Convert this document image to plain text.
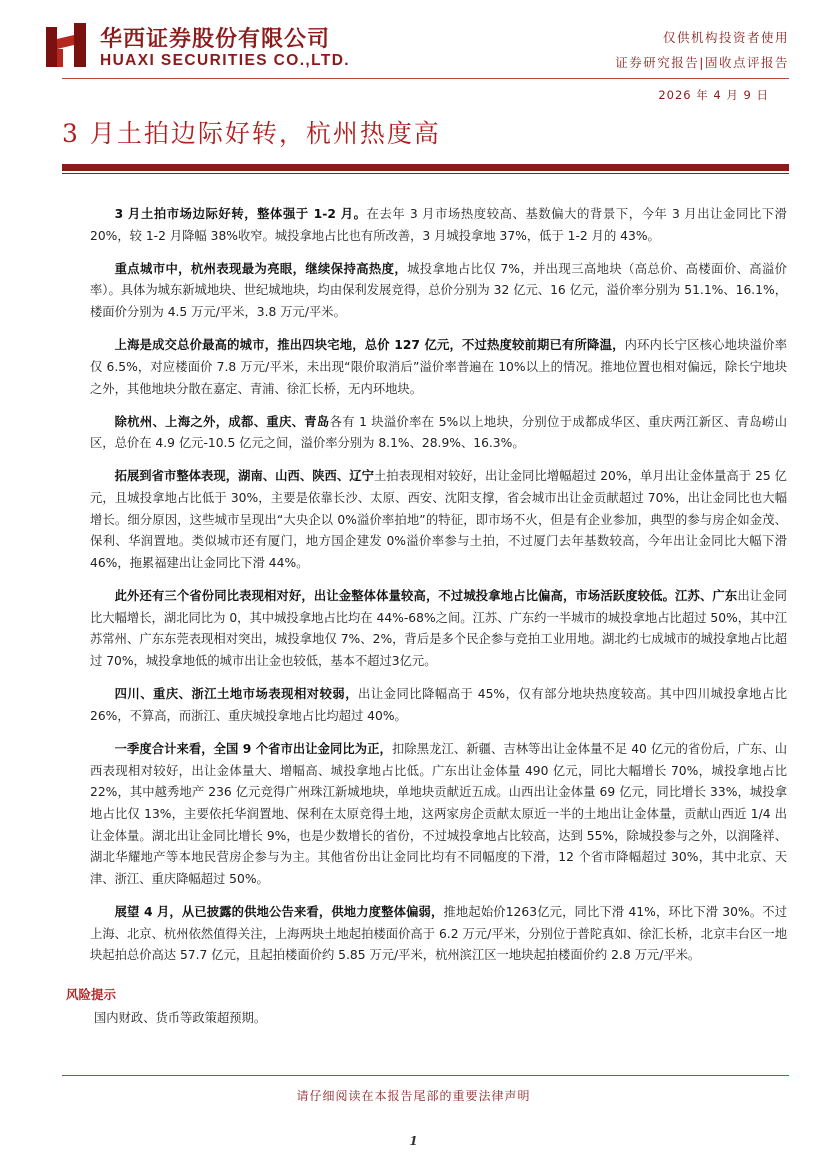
华西证券股份有限公司
HUAXI SECURITIES CO.,LTD.
仅供机构投资者使用
证券研究报告|固收点评报告
2026 年 4 月 9 日
3 月土拍边际好转，杭州热度高

3 月土拍市场边际好转，整体强于 1-2 月。在去年 3 月市场热度较高、基数偏大的背景下，今年 3 月出让金同比下滑 20%，较 1-2 月降幅 38%收窄。城投拿地占比也有所改善，3 月城投拿地 37%，低于 1-2 月的 43%。

重点城市中，杭州表现最为亮眼，继续保持高热度，城投拿地占比仅 7%，并出现三高地块（高总价、高楼面价、高溢价率）。具体为城东新城地块、世纪城地块，均由保利发展竞得，总价分别为 32 亿元、16 亿元，溢价率分别为 51.1%、16.1%，楼面价分别为 4.5 万元/平米，3.8 万元/平米。

上海是成交总价最高的城市，推出四块宅地，总价 127 亿元，不过热度较前期已有所降温，内环内长宁区核心地块溢价率仅 6.5%，对应楼面价 7.8 万元/平米，未出现“限价取消后”溢价率普遍在 10%以上的情况。推地位置也相对偏远，除长宁地块之外，其他地块分散在嘉定、青浦、徐汇长桥，无内环地块。

除杭州、上海之外，成都、重庆、青岛各有 1 块溢价率在 5%以上地块，分别位于成都成华区、重庆两江新区、青岛崂山区，总价在 4.9 亿元-10.5 亿元之间，溢价率分别为 8.1%、28.9%、16.3%。

拓展到省市整体表现，湖南、山西、陕西、辽宁土拍表现相对较好，出让金同比增幅超过 20%，单月出让金体量高于 25 亿元，且城投拿地占比低于 30%，主要是依靠长沙、太原、西安、沈阳支撑，省会城市出让金贡献超过 70%，出让金同比也大幅增长。细分原因，这些城市呈现出“大央企以 0%溢价率拍地”的特征，即市场不火，但是有企业参加，典型的参与房企如金茂、保利、华润置地。类似城市还有厦门，地方国企建发 0%溢价率参与土拍，不过厦门去年基数较高，今年出让金同比大幅下滑 46%，拖累福建出让金同比下滑 44%。

此外还有三个省份同比表现相对好，出让金整体体量较高，不过城投拿地占比偏高，市场活跃度较低。江苏、广东出让金同比大幅增长，湖北同比为 0，其中城投拿地占比均在 44%-68%之间。江苏、广东约一半城市的城投拿地占比超过 50%，其中江苏常州、广东东莞表现相对突出，城投拿地仅 7%、2%，背后是多个民企参与竞拍工业用地。湖北约七成城市的城投拿地占比超过 70%，城投拿地低的城市出让金也较低，基本不超过3亿元。

四川、重庆、浙江土地市场表现相对较弱，出让金同比降幅高于 45%，仅有部分地块热度较高。其中四川城投拿地占比 26%，不算高，而浙江、重庆城投拿地占比均超过 40%。

一季度合计来看，全国 9 个省市出让金同比为正，扣除黑龙江、新疆、吉林等出让金体量不足 40 亿元的省份后，广东、山西表现相对较好，出让金体量大、增幅高、城投拿地占比低。广东出让金体量 490 亿元，同比大幅增长 70%，城投拿地占比 22%，其中越秀地产 236 亿元竞得广州珠江新城地块，单地块贡献近五成。山西出让金体量 69 亿元，同比增长 33%，城投拿地占比仅 13%，主要依托华润置地、保利在太原竞得土地，这两家房企贡献太原近一半的土地出让金体量，贡献山西近 1/4 出让金体量。湖北出让金同比增长 9%，也是少数增长的省份，不过城投拿地占比较高，达到 55%，除城投参与之外，以润隆祥、湖北华耀地产等本地民营房企参与为主。其他省份出让金同比均有不同幅度的下滑，12 个省市降幅超过 30%，其中北京、天津、浙江、重庆降幅超过 50%。

展望 4 月，从已披露的供地公告来看，供地力度整体偏弱，推地起始价1263亿元，同比下滑 41%，环比下滑 30%。不过上海、北京、杭州依然值得关注，上海两块土地起拍楼面价高于 6.2 万元/平米，分别位于普陀真如、徐汇长桥，北京丰台区一地块起拍总价高达 57.7 亿元，且起拍楼面价约 5.85 万元/平米，杭州滨江区一地块起拍楼面价约 2.8 万元/平米。

风险提示
国内财政、货币等政策超预期。
请仔细阅读在本报告尾部的重要法律声明
1
